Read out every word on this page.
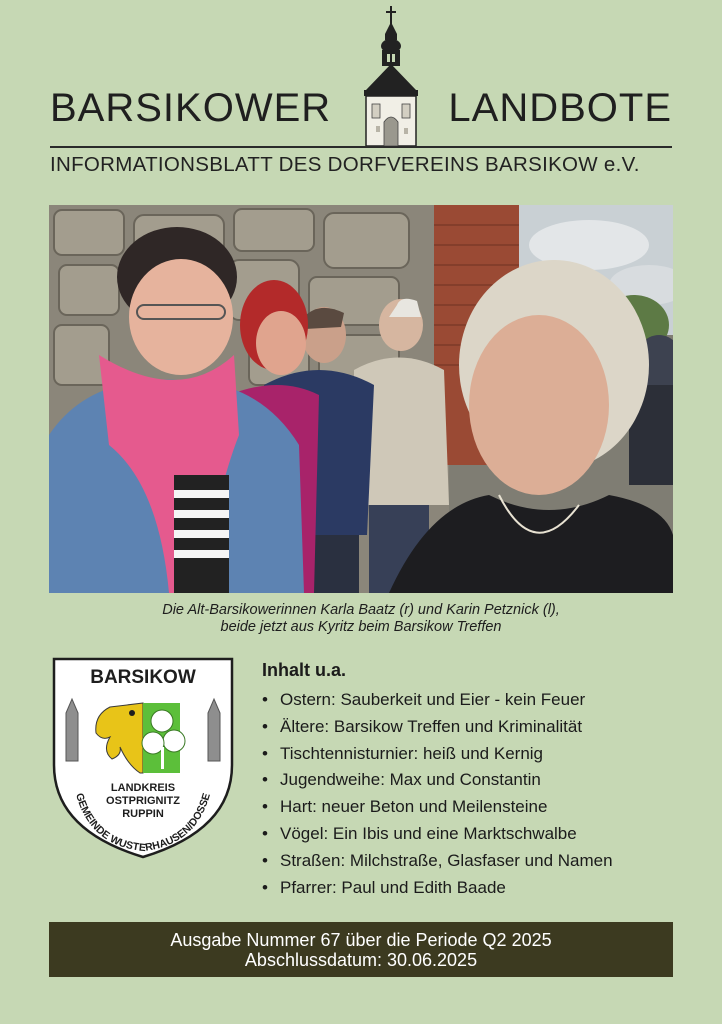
BARSIKOWER	LANDBOTE
INFORMATIONSBLATT DES DORFVEREINS BARSIKOW e.V.
Die Alt-Barsikowerinnen Karla Baatz (r) und Karin Petznick (l),
beide jetzt aus Kyritz beim Barsikow Treffen
BARSIKOW
LANDKREIS
OSTPRIGNITZ
RUPPIN
GEMEINDE WUSTERHAUSEN/DOSSE
Inhalt u.a.
• Ostern: Sauberkeit und Eier - kein Feuer
• Ältere: Barsikow Treffen und Kriminalität
• Tischtennisturnier: heiß und Kernig
• Jugendweihe: Max und Constantin
• Hart: neuer Beton und Meilensteine
• Vögel: Ein Ibis und eine Marktschwalbe
• Straßen: Milchstraße, Glasfaser und Namen
• Pfarrer: Paul und Edith Baade
Ausgabe Nummer 67 über die Periode Q2 2025
Abschlussdatum: 30.06.2025
